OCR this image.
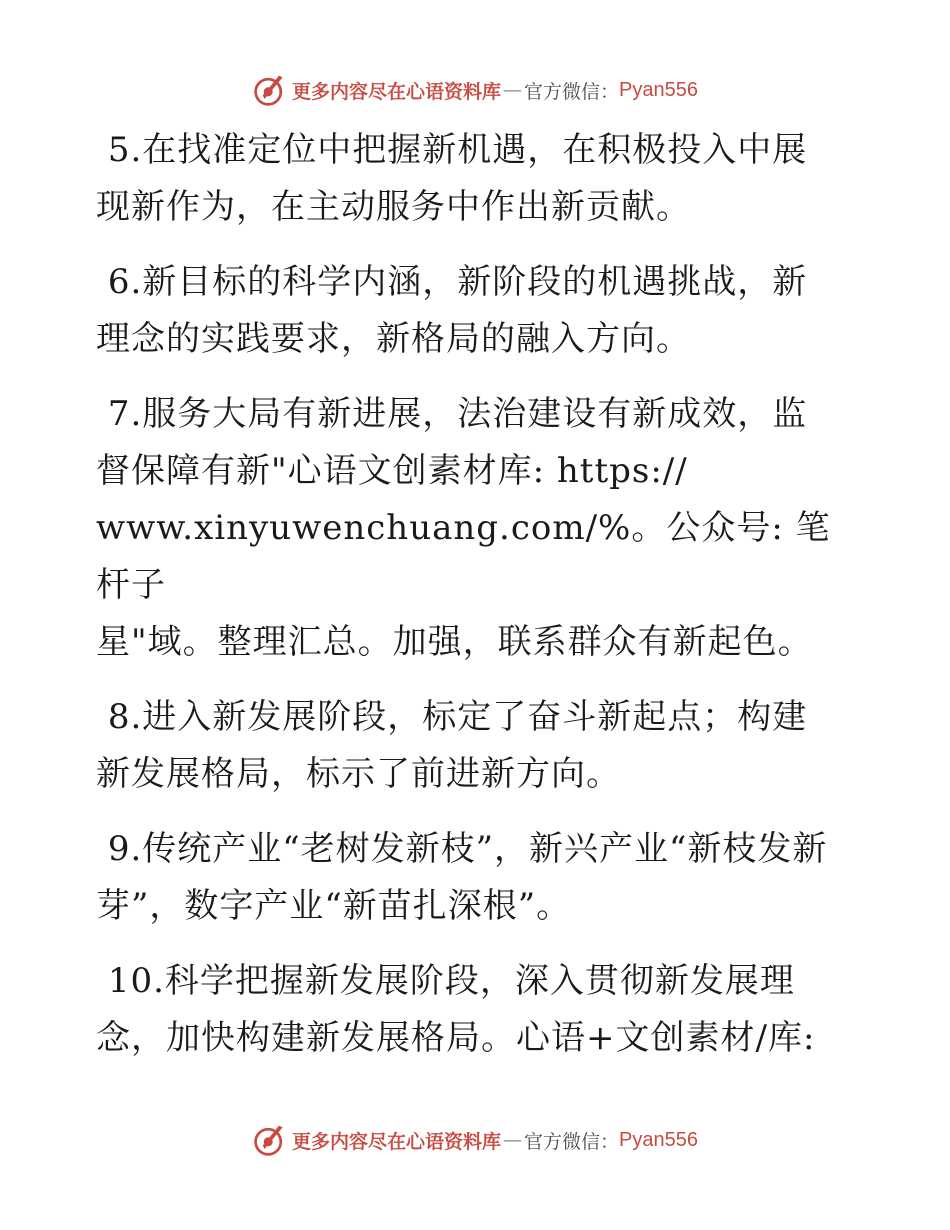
更多内容尽在心语资料库 — 官方微信： Pyan556

5.在找准定位中把握新机遇，在积极投入中展现新作为，在主动服务中作出新贡献。

6.新目标的科学内涵，新阶段的机遇挑战，新理念的实践要求，新格局的融入方向。

7.服务大局有新进展，法治建设有新成效，监督保障有新"心语文创素材库: https://
www.xinyuwenchuang.com/%。公众号: 笔杆子
星"域。整理汇总。加强，联系群众有新起色。

8.进入新发展阶段，标定了奋斗新起点；构建新发展格局，标示了前进新方向。

9.传统产业“老树发新枝”，新兴产业“新枝发新芽”，数字产业“新苗扎深根”。

10.科学把握新发展阶段，深入贯彻新发展理念，加快构建新发展格局。心语+文创素材/库:

更多内容尽在心语资料库 — 官方微信： Pyan556
